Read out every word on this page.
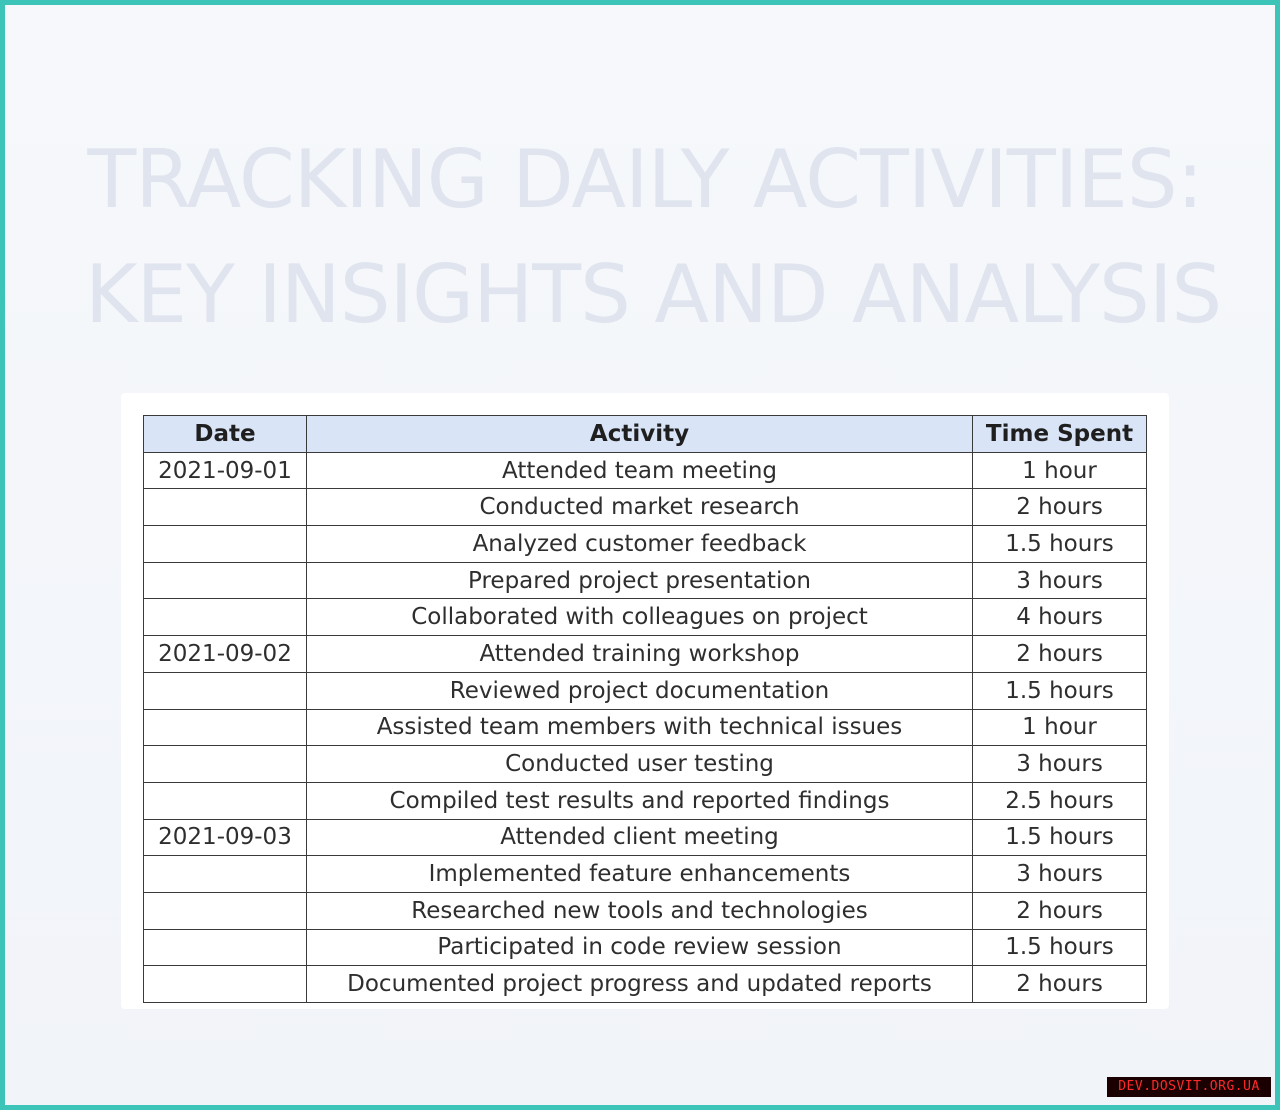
TRACKING DAILY ACTIVITIES:
KEY INSIGHTS AND ANALYSIS
Date	Activity	Time Spent
2021-09-01	Attended team meeting	1 hour
	Conducted market research	2 hours
	Analyzed customer feedback	1.5 hours
	Prepared project presentation	3 hours
	Collaborated with colleagues on project	4 hours
2021-09-02	Attended training workshop	2 hours
	Reviewed project documentation	1.5 hours
	Assisted team members with technical issues	1 hour
	Conducted user testing	3 hours
	Compiled test results and reported findings	2.5 hours
2021-09-03	Attended client meeting	1.5 hours
	Implemented feature enhancements	3 hours
	Researched new tools and technologies	2 hours
	Participated in code review session	1.5 hours
	Documented project progress and updated reports	2 hours
DEV.DOSVIT.ORG.UA
